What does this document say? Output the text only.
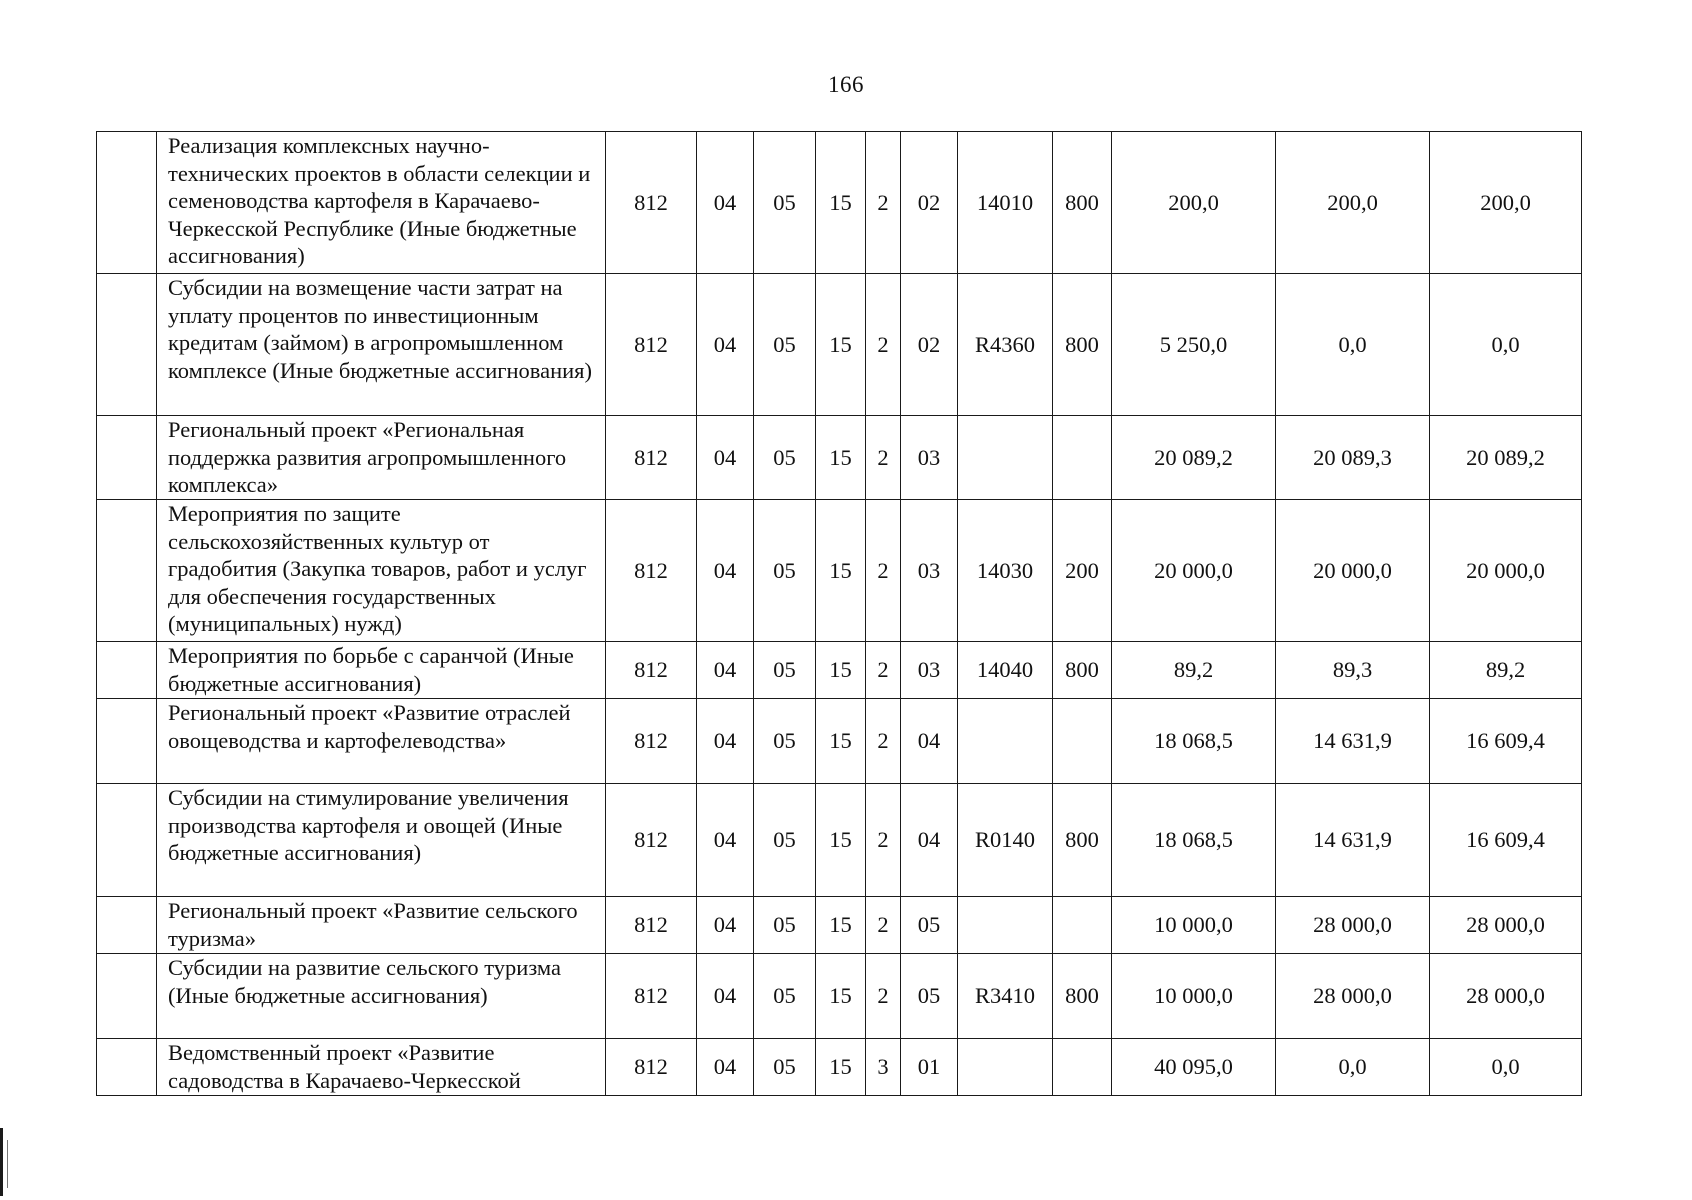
166
	Реализация комплексных научно-технических проектов в области селекции и семеноводства картофеля в Карачаево-Черкесской Республике (Иные бюджетные ассигнования)	812	04	05	15	2	02	14010	800	200,0	200,0	200,0
	Субсидии на возмещение части затрат на уплату процентов по инвестиционным кредитам (займом) в агропромышленном комплексе (Иные бюджетные ассигнования)	812	04	05	15	2	02	R4360	800	5 250,0	0,0	0,0
	Региональный проект «Региональная поддержка развития агропромышленного комплекса»	812	04	05	15	2	03			20 089,2	20 089,3	20 089,2
	Мероприятия по защите сельскохозяйственных культур от градобития (Закупка товаров, работ и услуг для обеспечения государственных (муниципальных) нужд)	812	04	05	15	2	03	14030	200	20 000,0	20 000,0	20 000,0
	Мероприятия по борьбе с саранчой (Иные бюджетные ассигнования)	812	04	05	15	2	03	14040	800	89,2	89,3	89,2
	Региональный проект «Развитие отраслей овощеводства и картофелеводства»	812	04	05	15	2	04			18 068,5	14 631,9	16 609,4
	Субсидии на стимулирование увеличения производства картофеля и овощей (Иные бюджетные ассигнования)	812	04	05	15	2	04	R0140	800	18 068,5	14 631,9	16 609,4
	Региональный проект «Развитие сельского туризма»	812	04	05	15	2	05			10 000,0	28 000,0	28 000,0
	Субсидии на развитие сельского туризма (Иные бюджетные ассигнования)	812	04	05	15	2	05	R3410	800	10 000,0	28 000,0	28 000,0
	Ведомственный проект «Развитие садоводства в Карачаево-Черкесской	812	04	05	15	3	01			40 095,0	0,0	0,0
